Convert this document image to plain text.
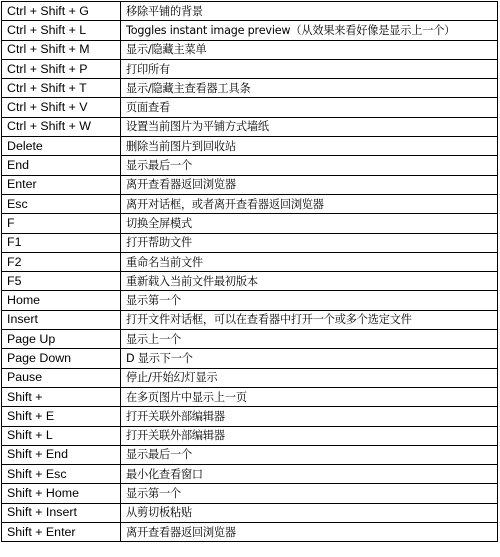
Ctrl + Shift + G	移除平铺的背景
Ctrl + Shift + L	Toggles instant image preview（从效果来看好像是显示上一个）
Ctrl + Shift + M	显示/隐藏主菜单
Ctrl + Shift + P	打印所有
Ctrl + Shift + T	显示/隐藏主查看器工具条
Ctrl + Shift + V	页面查看
Ctrl + Shift + W	设置当前图片为平铺方式墙纸
Delete	删除当前图片到回收站
End	显示最后一个
Enter	离开查看器返回浏览器
Esc	离开对话框，或者离开查看器返回浏览器
F	切换全屏模式
F1	打开帮助文件
F2	重命名当前文件
F5	重新载入当前文件最初版本
Home	显示第一个
Insert	打开文件对话框，可以在查看器中打开一个或多个选定文件
Page Up	显示上一个
Page Down	D 显示下一个
Pause	停止/开始幻灯显示
Shift +	在多页图片中显示上一页
Shift + E	打开关联外部编辑器
Shift + L	打开关联外部编辑器
Shift + End	显示最后一个
Shift + Esc	最小化查看窗口
Shift + Home	显示第一个
Shift + Insert	从剪切板粘贴
Shift + Enter	离开查看器返回浏览器
